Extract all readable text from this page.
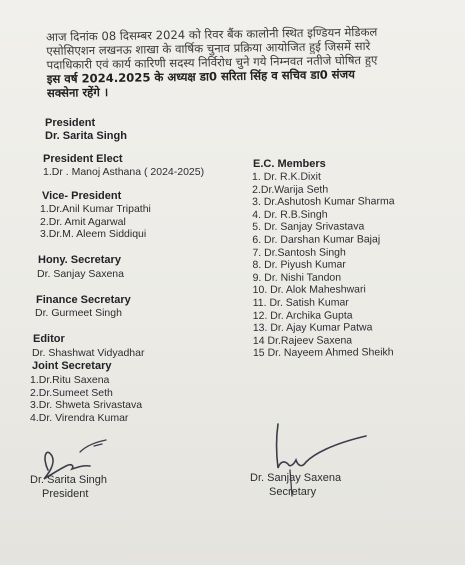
आज दिनांक 08 दिसम्बर 2024 को रिवर बैंक कालोनी स्थित इण्डियन मेडिकल
एसोसिएशन लखनऊ शाखा के वार्षिक चुनाव प्रक्रिया आयोजित हुई जिसमें सारे
पदाधिकारी एवं कार्य कारिणी सदस्य निर्विरोध चुने गये निम्नवत नतीजे घोषित हुए
इस वर्ष 2024.2025 के अध्यक्ष डा0 सरिता सिंह व सचिव डा0 संजय
सक्सेना रहेंगे ।
President
Dr. Sarita Singh
President Elect
1.Dr . Manoj Asthana ( 2024-2025)
Vice- President
1.Dr.Anil Kumar Tripathi
2.Dr. Amit Agarwal
3.Dr.M. Aleem Siddiqui
Hony. Secretary
Dr. Sanjay Saxena
Finance Secretary
Dr. Gurmeet Singh
Editor
Dr. Shashwat Vidyadhar
Joint Secretary
1.Dr.Ritu Saxena
2.Dr.Sumeet Seth
3.Dr. Shweta Srivastava
4.Dr. Virendra Kumar
E.C. Members
1. Dr. R.K.Dixit
2.Dr.Warija Seth
3. Dr.Ashutosh Kumar Sharma
4. Dr. R.B.Singh
5. Dr. Sanjay Srivastava
6. Dr. Darshan Kumar Bajaj
7. Dr.Santosh Singh
8. Dr. Piyush Kumar
9. Dr. Nishi Tandon
10. Dr. Alok Maheshwari
11. Dr. Satish Kumar
12. Dr. Archika Gupta
13. Dr. Ajay Kumar Patwa
14 Dr.Rajeev Saxena
15 Dr. Nayeem Ahmed Sheikh
Dr. Sarita Singh
President
Dr. Sanjay Saxena
Secretary
